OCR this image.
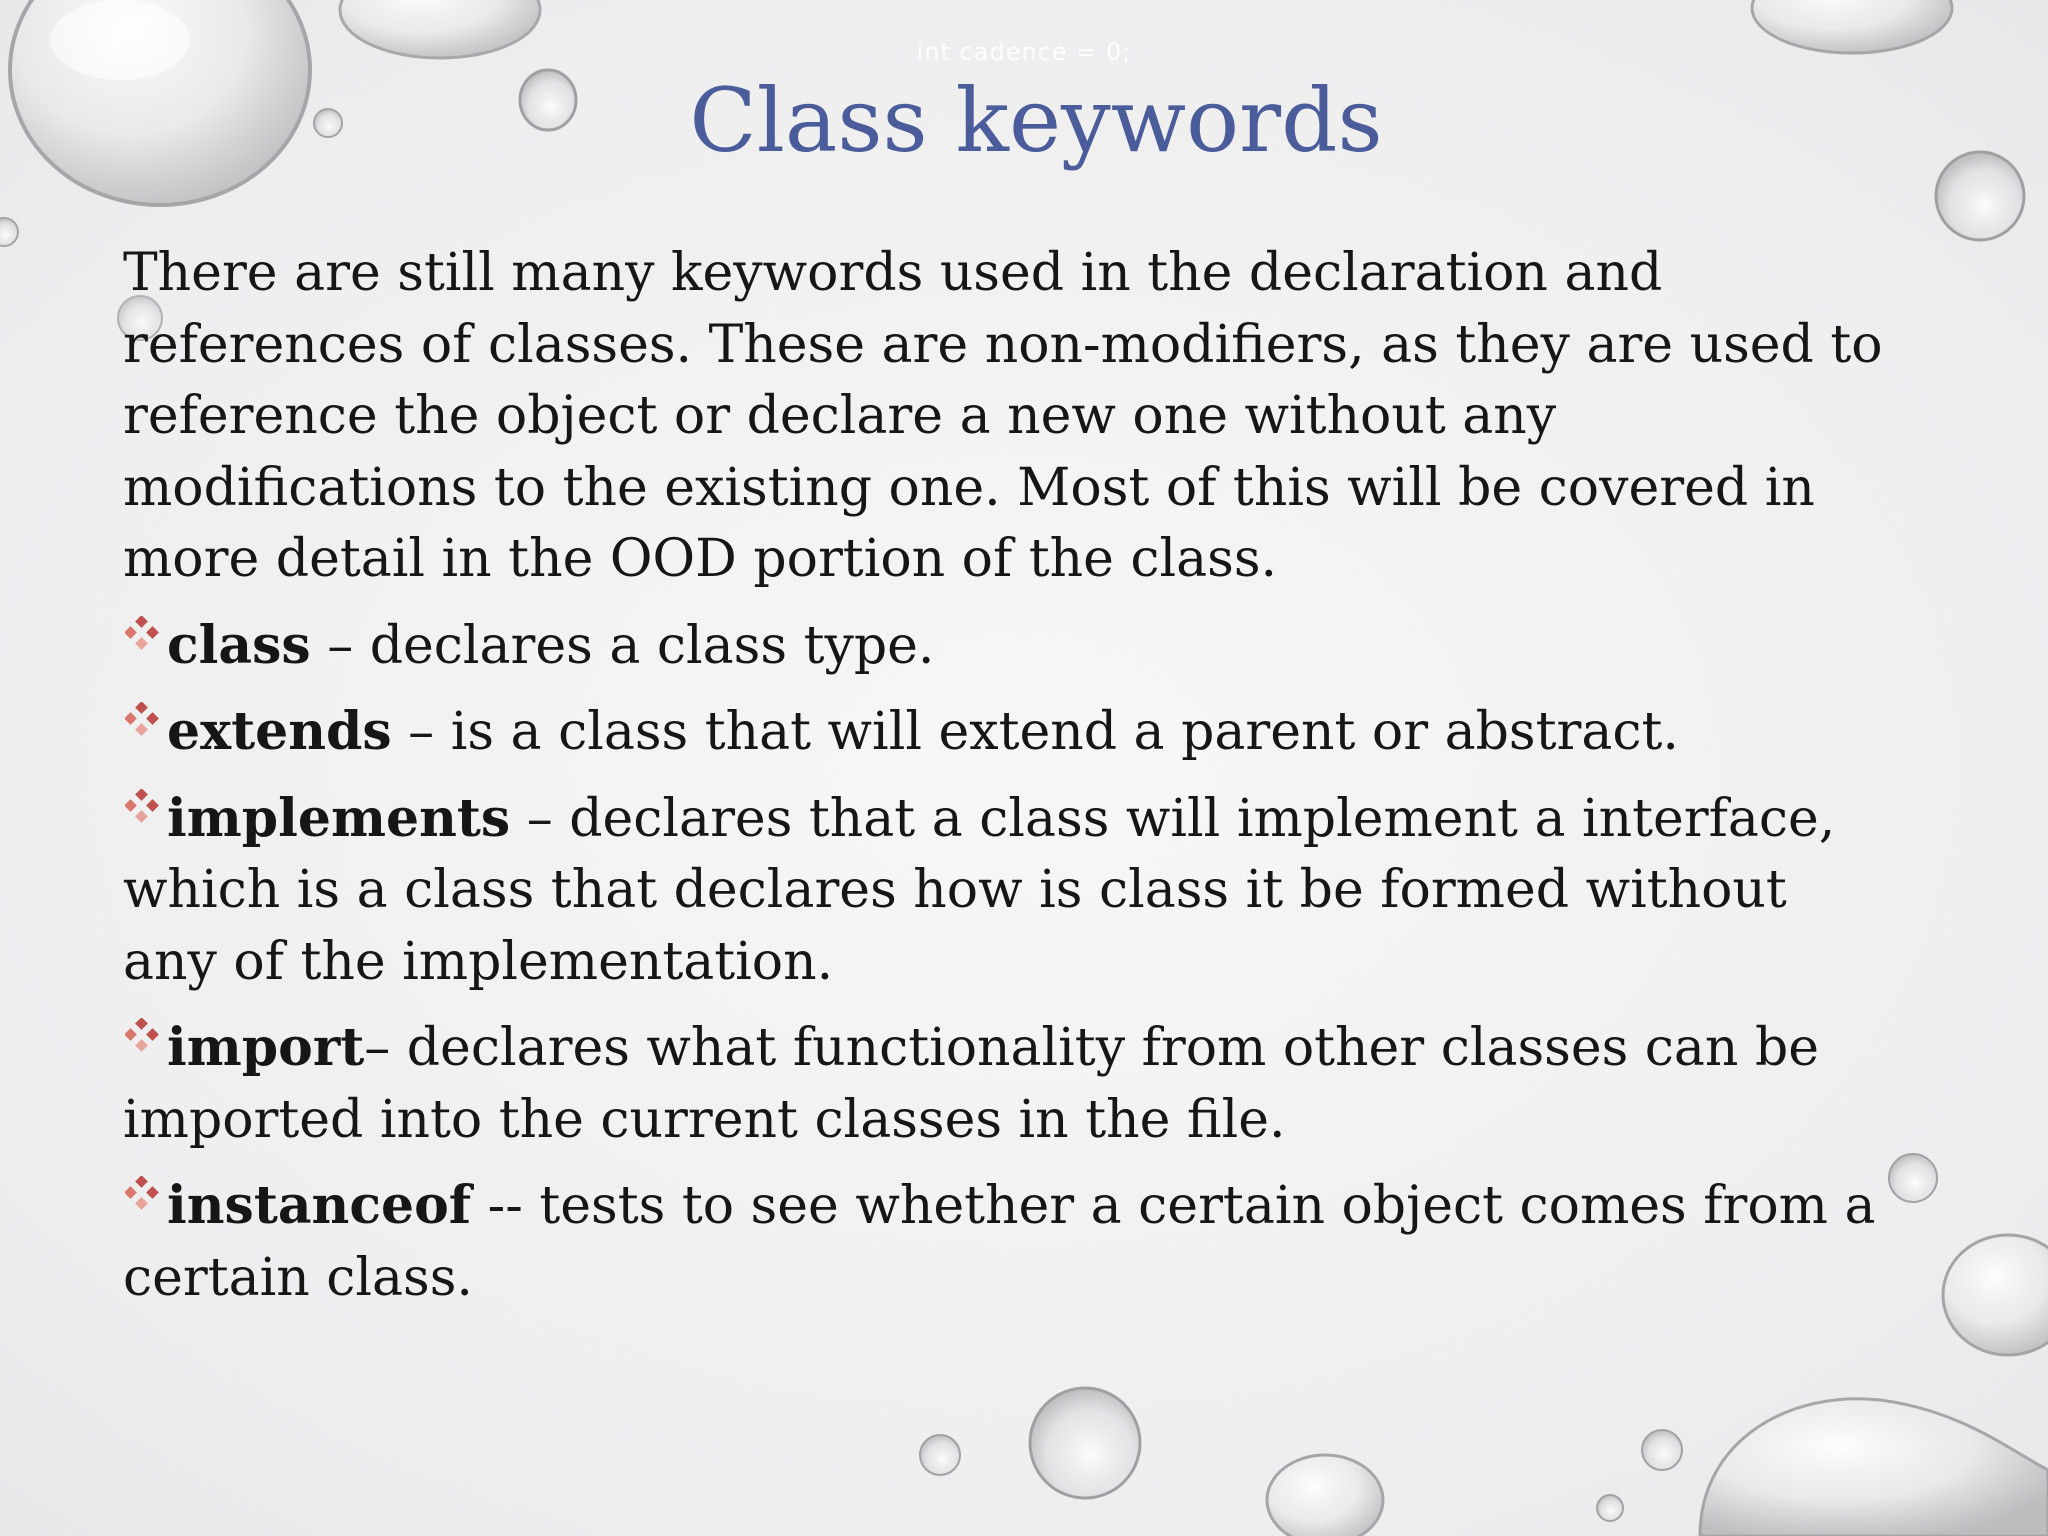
int cadence = 0;
Class keywords

There are still many keywords used in the declaration and references of classes. These are non-modifiers, as they are used to reference the object or declare a new one without any modifications to the existing one. Most of this will be covered in more detail in the OOD portion of the class.

class – declares a class type.

extends – is a class that will extend a parent or abstract.

implements – declares that a class will implement a interface, which is a class that declares how is class it be formed without any of the implementation.

import– declares what functionality from other classes can be imported into the current classes in the file.

instanceof -- tests to see whether a certain object comes from a certain class.
